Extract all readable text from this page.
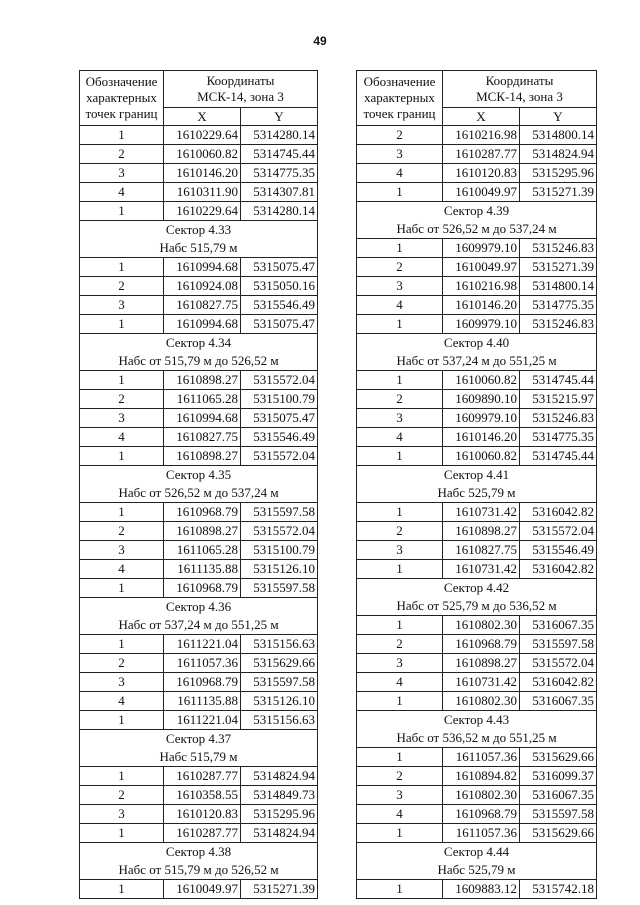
49
Обозначение
характерных
точек границ	Координаты
МСК-14, зона 3	
	X	Y
1	1610229.64	5314280.14
2	1610060.82	5314745.44
3	1610146.20	5314775.35
4	1610311.90	5314307.81
1	1610229.64	5314280.14
Сектор 4.33		
Набс 515,79 м		
1	1610994.68	5315075.47
2	1610924.08	5315050.16
3	1610827.75	5315546.49
1	1610994.68	5315075.47
Сектор 4.34		
Набс от 515,79 м до 526,52 м		
1	1610898.27	5315572.04
2	1611065.28	5315100.79
3	1610994.68	5315075.47
4	1610827.75	5315546.49
1	1610898.27	5315572.04
Сектор 4.35		
Набс от 526,52 м до 537,24 м		
1	1610968.79	5315597.58
2	1610898.27	5315572.04
3	1611065.28	5315100.79
4	1611135.88	5315126.10
1	1610968.79	5315597.58
Сектор 4.36		
Набс от 537,24 м до 551,25 м		
1	1611221.04	5315156.63
2	1611057.36	5315629.66
3	1610968.79	5315597.58
4	1611135.88	5315126.10
1	1611221.04	5315156.63
Сектор 4.37		
Набс 515,79 м		
1	1610287.77	5314824.94
2	1610358.55	5314849.73
3	1610120.83	5315295.96
1	1610287.77	5314824.94
Сектор 4.38		
Набс от 515,79 м до 526,52 м		
1	1610049.97	5315271.39
Обозначение
характерных
точек границ	Координаты
МСК-14, зона 3	
	X	Y
2	1610216.98	5314800.14
3	1610287.77	5314824.94
4	1610120.83	5315295.96
1	1610049.97	5315271.39
Сектор 4.39		
Набс от 526,52 м до 537,24 м		
1	1609979.10	5315246.83
2	1610049.97	5315271.39
3	1610216.98	5314800.14
4	1610146.20	5314775.35
1	1609979.10	5315246.83
Сектор 4.40		
Набс от 537,24 м до 551,25 м		
1	1610060.82	5314745.44
2	1609890.10	5315215.97
3	1609979.10	5315246.83
4	1610146.20	5314775.35
1	1610060.82	5314745.44
Сектор 4.41		
Набс 525,79 м		
1	1610731.42	5316042.82
2	1610898.27	5315572.04
3	1610827.75	5315546.49
1	1610731.42	5316042.82
Сектор 4.42		
Набс от 525,79 м до 536,52 м		
1	1610802.30	5316067.35
2	1610968.79	5315597.58
3	1610898.27	5315572.04
4	1610731.42	5316042.82
1	1610802.30	5316067.35
Сектор 4.43		
Набс от 536,52 м до 551,25 м		
1	1611057.36	5315629.66
2	1610894.82	5316099.37
3	1610802.30	5316067.35
4	1610968.79	5315597.58
1	1611057.36	5315629.66
Сектор 4.44		
Набс 525,79 м		
1	1609883.12	5315742.18
